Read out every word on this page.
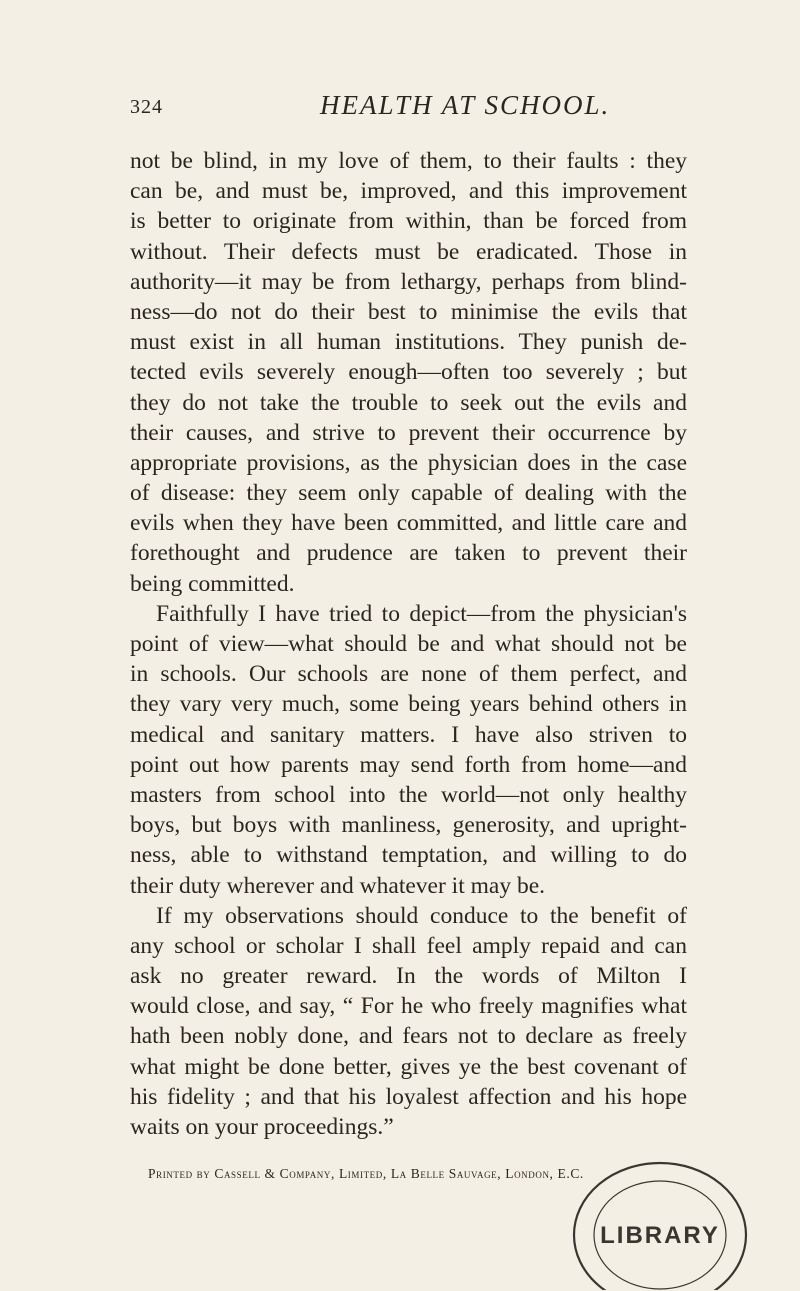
324	HEALTH AT SCHOOL.
not be blind, in my love of them, to their faults : they
can be, and must be, improved, and this improvement
is better to originate from within, than be forced from
without. Their defects must be eradicated. Those in
authority—it may be from lethargy, perhaps from blind-
ness—do not do their best to minimise the evils that
must exist in all human institutions. They punish de-
tected evils severely enough—often too severely ; but
they do not take the trouble to seek out the evils and
their causes, and strive to prevent their occurrence by
appropriate provisions, as the physician does in the case
of disease: they seem only capable of dealing with the
evils when they have been committed, and little care and
forethought and prudence are taken to prevent their
being committed.
Faithfully I have tried to depict—from the physician's
point of view—what should be and what should not be
in schools. Our schools are none of them perfect, and
they vary very much, some being years behind others in
medical and sanitary matters. I have also striven to
point out how parents may send forth from home—and
masters from school into the world—not only healthy
boys, but boys with manliness, generosity, and upright-
ness, able to withstand temptation, and willing to do
their duty wherever and whatever it may be.
If my observations should conduce to the benefit of
any school or scholar I shall feel amply repaid and can
ask no greater reward. In the words of Milton I
would close, and say, “ For he who freely magnifies what
hath been nobly done, and fears not to declare as freely
what might be done better, gives ye the best covenant of
his fidelity ; and that his loyalest affection and his hope
waits on your proceedings.”
Printed by Cassell & Company, Limited, La Belle Sauvage, London, E.C.
LIBRARY
